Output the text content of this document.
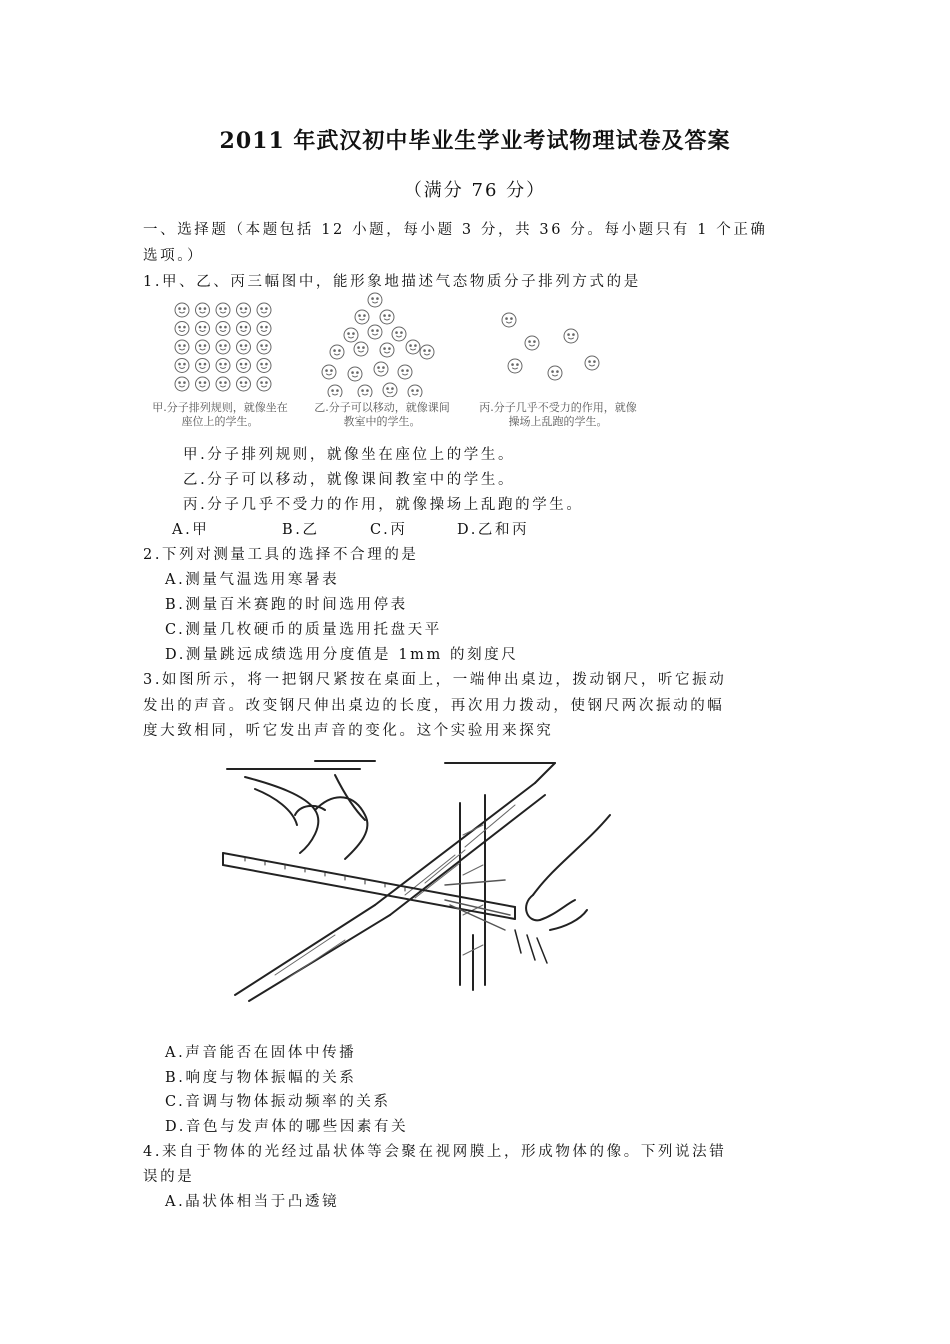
2011 年武汉初中毕业生学业考试物理试卷及答案
（满分 76 分）
一、选择题（本题包括 12 小题，每小题 3 分，共 36 分。每小题只有 1 个正确
选项。）
1.甲、乙、丙三幅图中，能形象地描述气态物质分子排列方式的是
甲.分子排列规则，就像坐在座位上的学生。
乙.分子可以移动，就像课间教室中的学生。
丙.分子几乎不受力的作用，就像操场上乱跑的学生。
甲.分子排列规则，就像坐在座位上的学生。
乙.分子可以移动，就像课间教室中的学生。
丙.分子几乎不受力的作用，就像操场上乱跑的学生。
A.甲	B.乙	C.丙	D.乙和丙
2.下列对测量工具的选择不合理的是
A.测量气温选用寒暑表
B.测量百米赛跑的时间选用停表
C.测量几枚硬币的质量选用托盘天平
D.测量跳远成绩选用分度值是 1mm 的刻度尺
3.如图所示，将一把钢尺紧按在桌面上，一端伸出桌边，拨动钢尺，听它振动
发出的声音。改变钢尺伸出桌边的长度，再次用力拨动，使钢尺两次振动的幅
度大致相同，听它发出声音的变化。这个实验用来探究
A.声音能否在固体中传播
B.响度与物体振幅的关系
C.音调与物体振动频率的关系
D.音色与发声体的哪些因素有关
4.来自于物体的光经过晶状体等会聚在视网膜上，形成物体的像。下列说法错
误的是
A.晶状体相当于凸透镜
